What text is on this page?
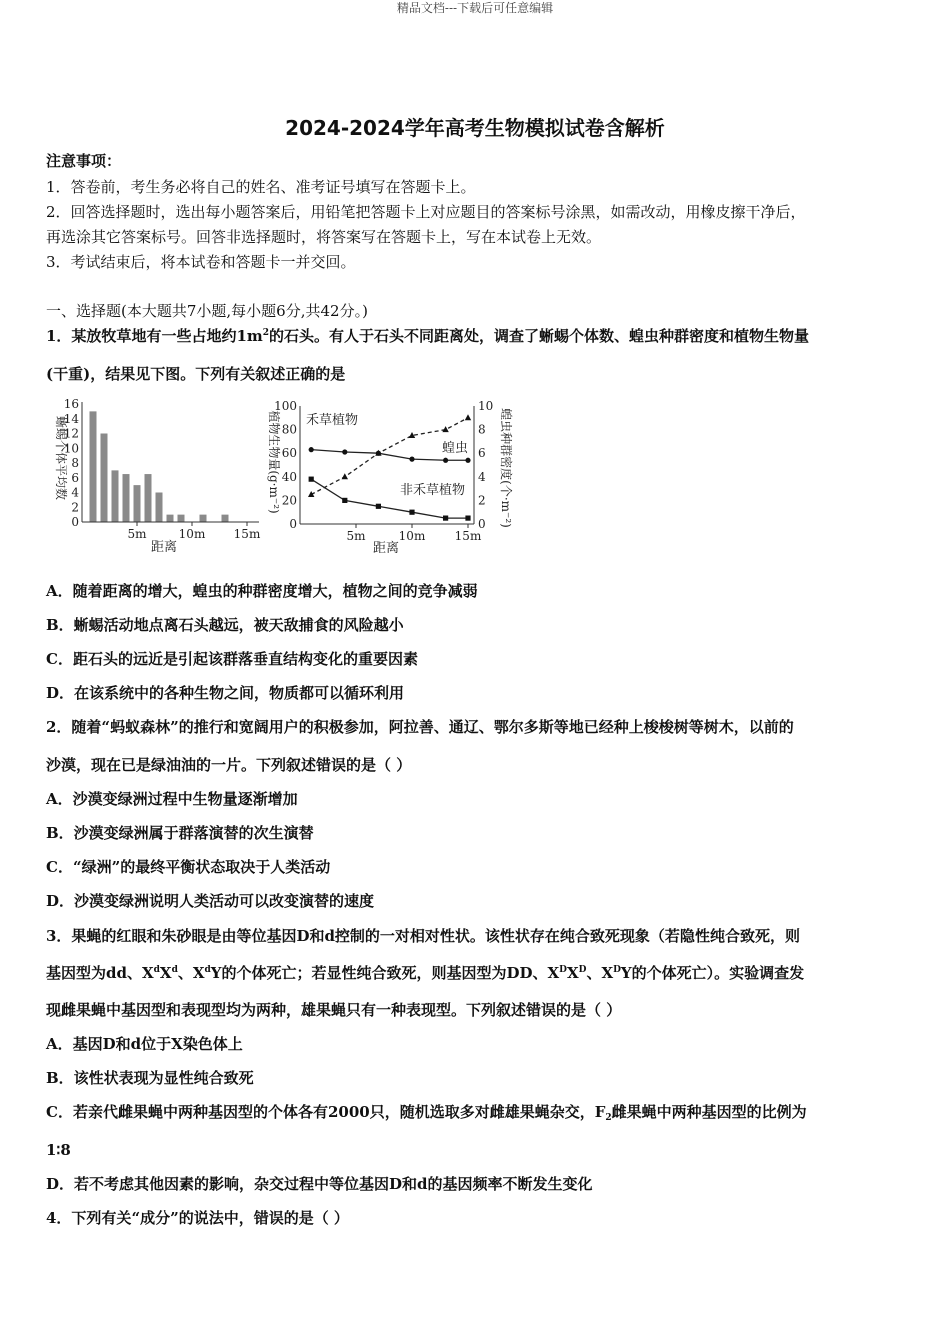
精品文档---下载后可任意编辑
2024-2024学年高考生物模拟试卷含解析
注意事项：
1．答卷前，考生务必将自己的姓名、准考证号填写在答题卡上。
2．回答选择题时，选出每小题答案后，用铅笔把答题卡上对应题目的答案标号涂黑，如需改动，用橡皮擦干净后，
再选涂其它答案标号。回答非选择题时，将答案写在答题卡上，写在本试卷上无效。
3．考试结束后，将本试卷和答题卡一并交回。
一、选择题(本大题共7小题,每小题6分,共42分。)
1．某放牧草地有一些占地约$1m^2$的石头。有人于石头不同距离处，调查了蜥蜴个体数、蝗虫种群密度和植物生物量
(干重)，结果见下图。下列有关叙述正确的是
蜥蜴个体平均数
0
2
4
6
8
10
12
14
16
5m	10m 15m
距离
植物生物量(g·m⁻²)	蝗虫种群密度(个·m⁻²)
0
20
40
60
80
100
0
2
4
6
8
10
5m	10m 15m
禾草植物
蝗虫
非禾草植物
距离
A．随着距离的增大，蝗虫的种群密度增大，植物之间的竞争减弱
B．蜥蜴活动地点离石头越远，被天敌捕食的风险越小
C．距石头的远近是引起该群落垂直结构变化的重要因素
D．在该系统中的各种生物之间，物质都可以循环利用
2．随着“蚂蚁森林”的推行和宽阔用户的积极参加，阿拉善、通辽、鄂尔多斯等地已经种上梭梭树等树木，以前的
沙漠，现在已是绿油油的一片。下列叙述错误的是（ ）
A．沙漠变绿洲过程中生物量逐渐增加
B．沙漠变绿洲属于群落演替的次生演替
C．“绿洲”的最终平衡状态取决于人类活动
D．沙漠变绿洲说明人类活动可以改变演替的速度
3．果蝇的红眼和朱砂眼是由等位基因D和d控制的一对相对性状。该性状存在纯合致死现象（若隐性纯合致死，则
基因型为dd、$X^dX^d$、$X^dY$的个体死亡；若显性纯合致死，则基因型为DD、$X^DX^D$、$X^DY$的个体死亡）。实验调查发
现雌果蝇中基因型和表现型均为两种，雄果蝇只有一种表现型。下列叙述错误的是（ ）
A．基因D和d位于X染色体上
B．该性状表现为显性纯合致死
C．若亲代雌果蝇中两种基因型的个体各有2000只，随机选取多对雌雄果蝇杂交，$F_2$雌果蝇中两种基因型的比例为
1∶8
D．若不考虑其他因素的影响，杂交过程中等位基因D和d的基因频率不断发生变化
4．下列有关“成分”的说法中，错误的是（ ）
